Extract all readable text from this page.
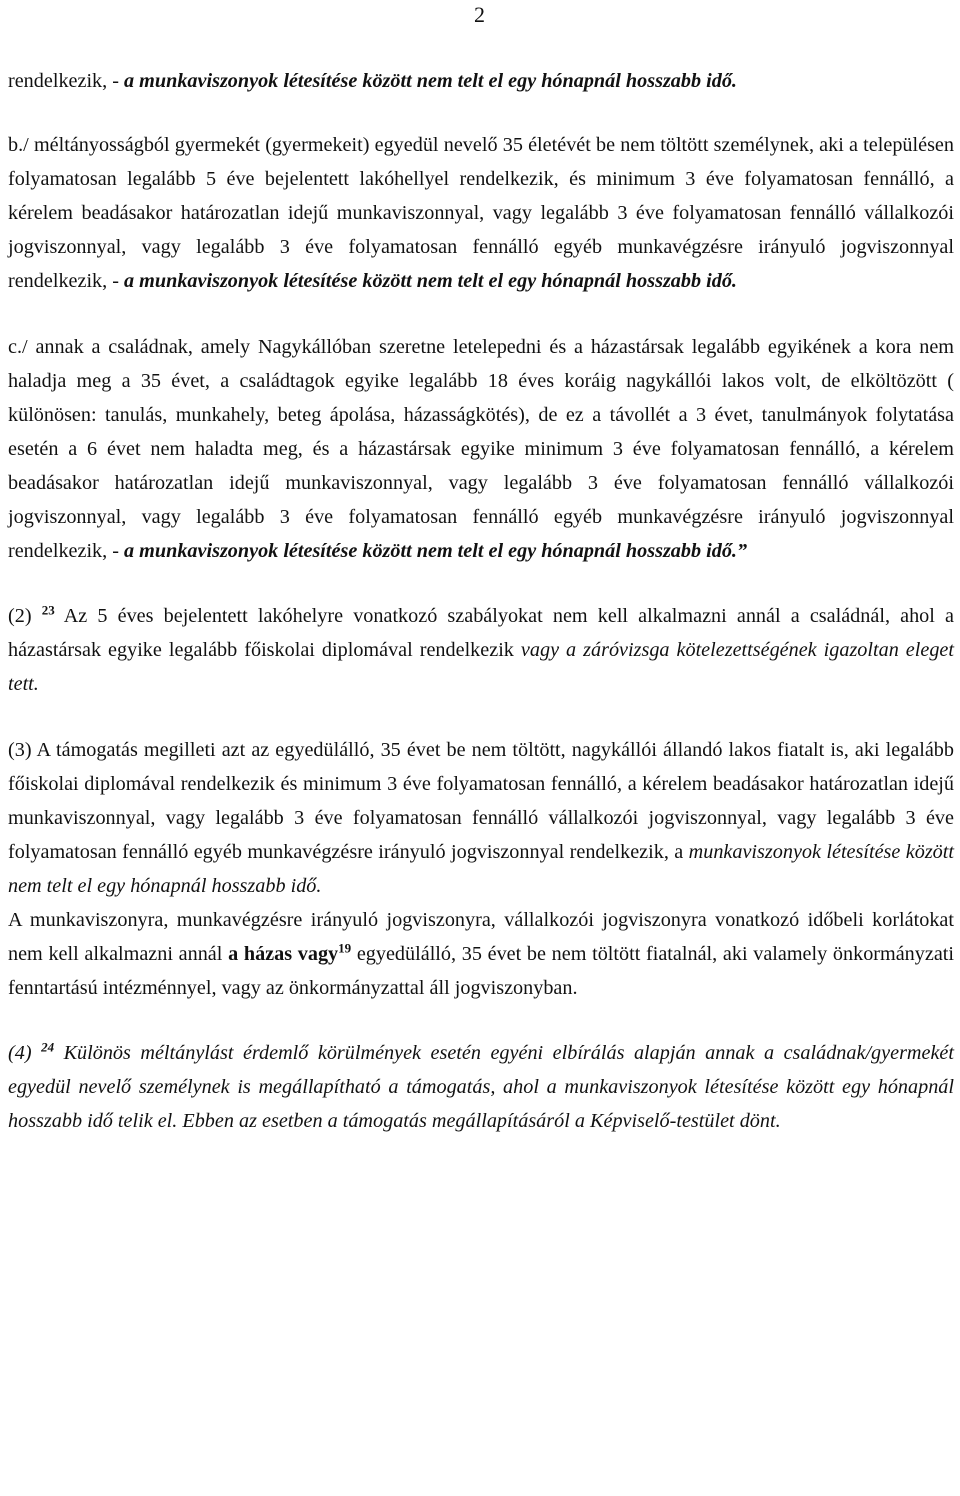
2

rendelkezik, - a munkaviszonyok létesítése között nem telt el egy hónapnál hosszabb idő.

b./ méltányosságból gyermekét (gyermekeit) egyedül nevelő 35 életévét be nem töltött személynek, aki a településen folyamatosan legalább 5 éve bejelentett lakóhellyel rendelkezik, és minimum 3 éve folyamatosan fennálló, a kérelem beadásakor határozatlan idejű munkaviszonnyal, vagy legalább 3 éve folyamatosan fennálló vállalkozói jogviszonnyal, vagy legalább 3 éve folyamatosan fennálló egyéb munkavégzésre irányuló jogviszonnyal rendelkezik, - a munkaviszonyok létesítése között nem telt el egy hónapnál hosszabb idő.

c./ annak a családnak, amely Nagykállóban szeretne letelepedni és a házastársak legalább egyikének a kora nem haladja meg a 35 évet, a családtagok egyike legalább 18 éves koráig nagykállói lakos volt, de elköltözött ( különösen: tanulás, munkahely, beteg ápolása, házasságkötés), de ez a távollét a 3 évet, tanulmányok folytatása esetén a 6 évet nem haladta meg, és a házastársak egyike minimum 3 éve folyamatosan fennálló, a kérelem beadásakor határozatlan idejű munkaviszonnyal, vagy legalább 3 éve folyamatosan fennálló vállalkozói jogviszonnyal, vagy legalább 3 éve folyamatosan fennálló egyéb munkavégzésre irányuló jogviszonnyal rendelkezik, - a munkaviszonyok létesítése között nem telt el egy hónapnál hosszabb idő.”

(2) $^{23}$ Az 5 éves bejelentett lakóhelyre vonatkozó szabályokat nem kell alkalmazni annál a családnál, ahol a házastársak egyike legalább főiskolai diplomával rendelkezik vagy a záróvizsga kötelezettségének igazoltan eleget tett.

(3) A támogatás megilleti azt az egyedülálló, 35 évet be nem töltött, nagykállói állandó lakos fiatalt is, aki legalább főiskolai diplomával rendelkezik és minimum 3 éve folyamatosan fennálló, a kérelem beadásakor határozatlan idejű munkaviszonnyal, vagy legalább 3 éve folyamatosan fennálló vállalkozói jogviszonnyal, vagy legalább 3 éve folyamatosan fennálló egyéb munkavégzésre irányuló jogviszonnyal rendelkezik, a munkaviszonyok létesítése között nem telt el egy hónapnál hosszabb idő.

A munkaviszonyra, munkavégzésre irányuló jogviszonyra, vállalkozói jogviszonyra vonatkozó időbeli korlátokat nem kell alkalmazni annál a házas vagy$^{19}$ egyedülálló, 35 évet be nem töltött fiatalnál, aki valamely önkormányzati fenntartású intézménnyel, vagy az önkormányzattal áll jogviszonyban.

(4) $^{24}$ Különös méltánylást érdemlő körülmények esetén egyéni elbírálás alapján annak a családnak/gyermekét egyedül nevelő személynek is megállapítható a támogatás, ahol a munkaviszonyok létesítése között egy hónapnál hosszabb idő telik el. Ebben az esetben a támogatás megállapításáról a Képviselő-testület dönt.
